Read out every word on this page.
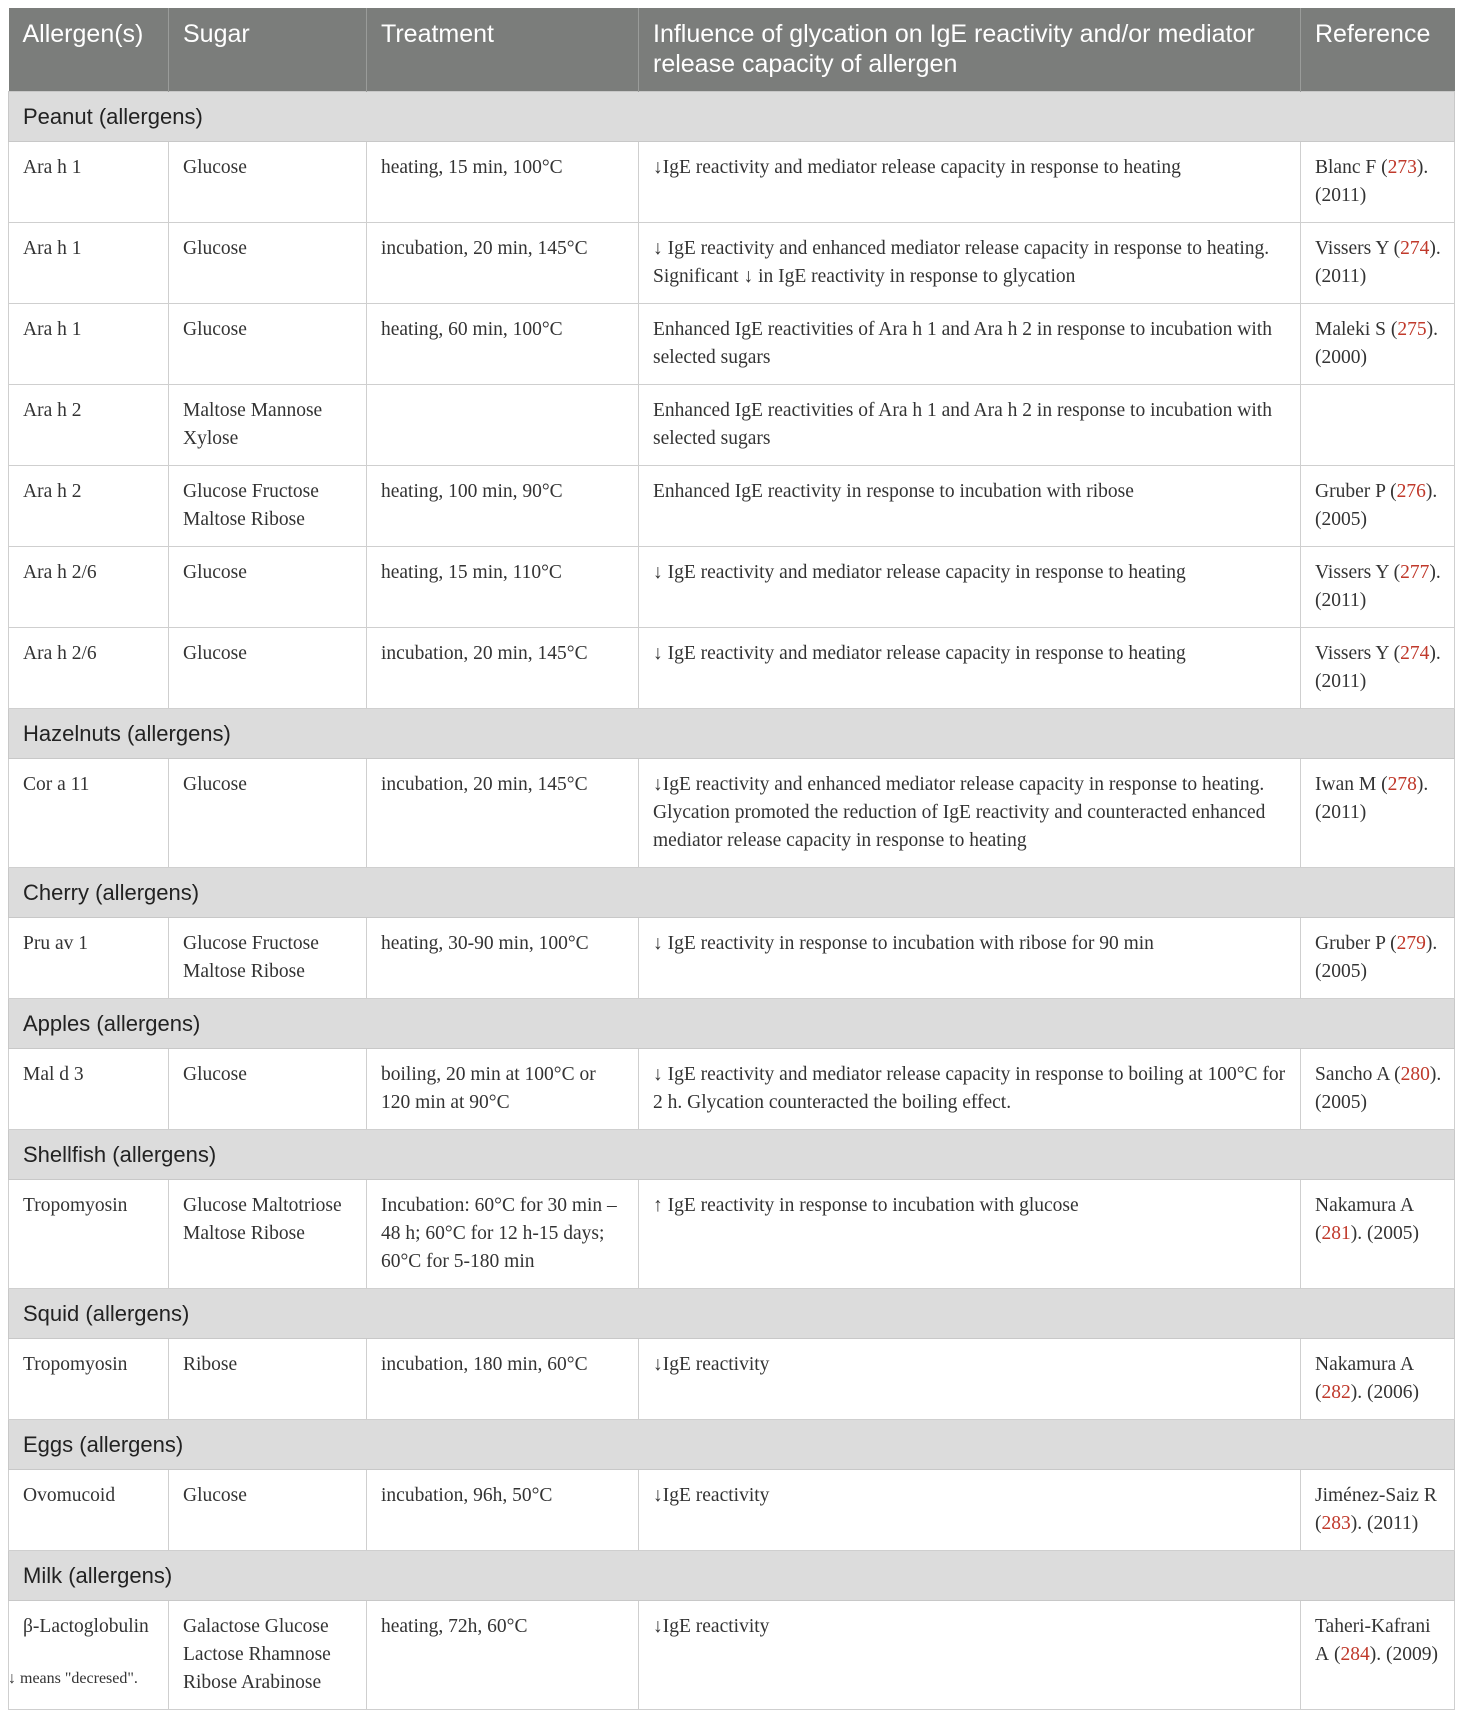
Allergen(s)	Sugar	Treatment	Influence of glycation on IgE reactivity and/or mediator release capacity of allergen	Reference
Peanut (allergens)				
Ara h 1	Glucose	heating, 15 min, 100°C	↓IgE reactivity and mediator release capacity in response to heating	Blanc F (273). (2011)
Ara h 1	Glucose	incubation, 20 min, 145°C	↓ IgE reactivity and enhanced mediator release capacity in response to heating. Significant ↓ in IgE reactivity in response to glycation	Vissers Y (274). (2011)
Ara h 1	Glucose	heating, 60 min, 100°C	Enhanced IgE reactivities of Ara h 1 and Ara h 2 in response to incubation with selected sugars	Maleki S (275). (2000)
Ara h 2	Maltose Mannose Xylose		Enhanced IgE reactivities of Ara h 1 and Ara h 2 in response to incubation with selected sugars	
Ara h 2	Glucose Fructose Maltose Ribose	heating, 100 min, 90°C	Enhanced IgE reactivity in response to incubation with ribose	Gruber P (276). (2005)
Ara h 2/6	Glucose	heating, 15 min, 110°C	↓ IgE reactivity and mediator release capacity in response to heating	Vissers Y (277). (2011)
Ara h 2/6	Glucose	incubation, 20 min, 145°C	↓ IgE reactivity and mediator release capacity in response to heating	Vissers Y (274). (2011)
Hazelnuts (allergens)				
Cor a 11	Glucose	incubation, 20 min, 145°C	↓IgE reactivity and enhanced mediator release capacity in response to heating. Glycation promoted the reduction of IgE reactivity and counteracted enhanced mediator release capacity in response to heating	Iwan M (278). (2011)
Cherry (allergens)				
Pru av 1	Glucose Fructose Maltose Ribose	heating, 30-90 min, 100°C	↓ IgE reactivity in response to incubation with ribose for 90 min	Gruber P (279). (2005)
Apples (allergens)				
Mal d 3	Glucose	boiling, 20 min at 100°C or 120 min at 90°C	↓ IgE reactivity and mediator release capacity in response to boiling at 100°C for 2 h. Glycation counteracted the boiling effect.	Sancho A (280). (2005)
Shellfish (allergens)				
Tropomyosin	Glucose Maltotriose Maltose Ribose	Incubation: 60°C for 30 min – 48 h; 60°C for 12 h-15 days; 60°C for 5-180 min	↑ IgE reactivity in response to incubation with glucose	Nakamura A (281). (2005)
Squid (allergens)				
Tropomyosin	Ribose	incubation, 180 min, 60°C	↓IgE reactivity	Nakamura A (282). (2006)
Eggs (allergens)				
Ovomucoid	Glucose	incubation, 96h, 50°C	↓IgE reactivity	Jiménez-Saiz R (283). (2011)
Milk (allergens)				
β-Lactoglobulin	Galactose Glucose Lactose Rhamnose Ribose Arabinose	heating, 72h, 60°C	↓IgE reactivity	Taheri-Kafrani A (284). (2009)
↓ means "decresed".
